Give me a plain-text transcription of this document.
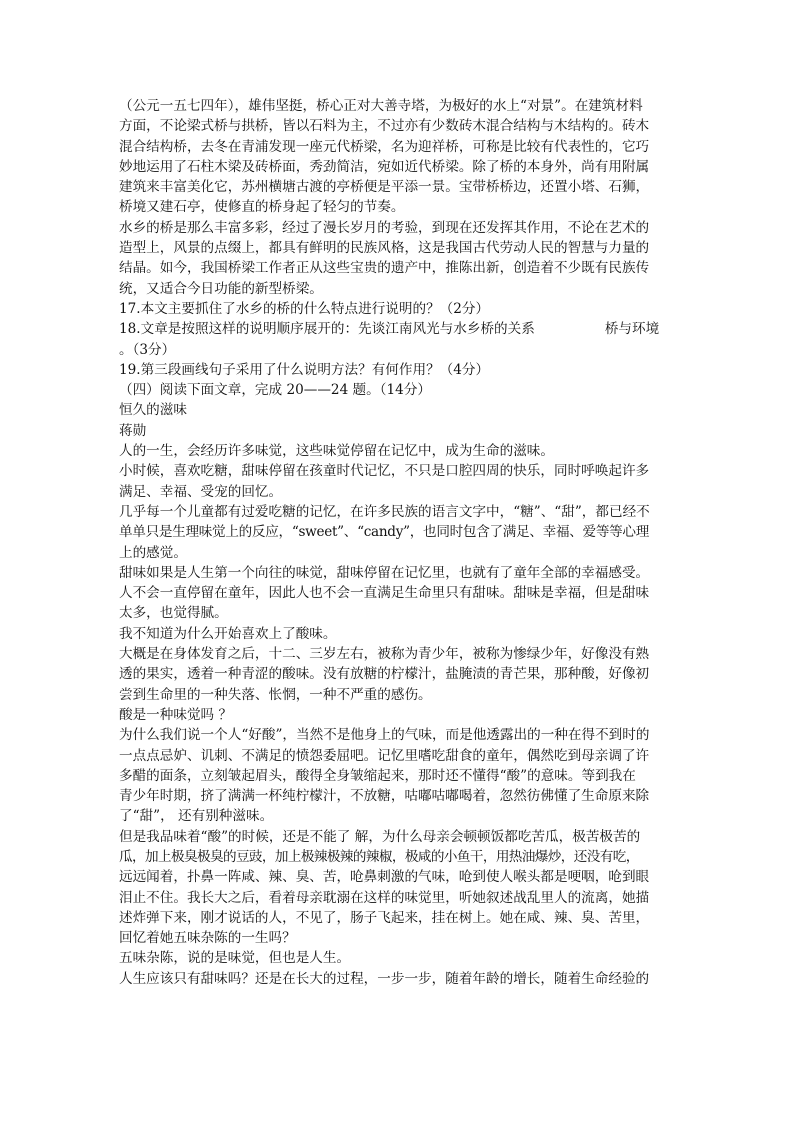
（公元一五七四年），雄伟坚挺，桥心正对大善寺塔，为极好的水上“对景”。在建筑材料

方面，不论梁式桥与拱桥，皆以石料为主，不过亦有少数砖木混合结构与木结构的。砖木

混合结构桥，去冬在青浦发现一座元代桥梁，名为迎祥桥，可称是比较有代表性的，它巧

妙地运用了石柱木梁及砖桥面，秀劲简洁，宛如近代桥梁。除了桥的本身外，尚有用附属

建筑来丰富美化它，苏州横塘古渡的亭桥便是平添一景。宝带桥桥边，还置小塔、石狮，

桥境又建石亭，使修直的桥身起了轻匀的节奏。

水乡的桥是那么丰富多彩，经过了漫长岁月的考验，到现在还发挥其作用，不论在艺术的

造型上，风景的点缀上，都具有鲜明的民族风格，这是我国古代劳动人民的智慧与力量的

结晶。如今，我国桥梁工作者正从这些宝贵的遗产中，推陈出新，创造着不少既有民族传

统，又适合今日功能的新型桥梁。

17.本文主要抓住了水乡的桥的什么特点进行说明的？（2分）

18.文章是按照这样的说明顺序展开的：先谈江南风光与水乡桥的关系	桥与环境

。（3分）

19.第三段画线句子采用了什么说明方法？有何作用？（4分）

（四）阅读下面文章，完成 20——24 题。（14分）

恒久的滋味

蒋勋

人的一生，会经历许多味觉，这些味觉停留在记忆中，成为生命的滋味。

小时候，喜欢吃糖，甜味停留在孩童时代记忆，不只是口腔四周的快乐，同时呼唤起许多

满足、幸福、受宠的回忆。

几乎每一个儿童都有过爱吃糖的记忆，在许多民族的语言文字中，“糖”、“甜”，都已经不

单单只是生理味觉上的反应，“sweet”、“candy”，也同时包含了满足、幸福、爱等等心理

上的感觉。

甜味如果是人生第一个向往的味觉，甜味停留在记忆里，也就有了童年全部的幸福感受。

人不会一直停留在童年，因此人也不会一直满足生命里只有甜味。甜味是幸福，但是甜味

太多，也觉得腻。

我不知道为什么开始喜欢上了酸味。

大概是在身体发育之后，十二、三岁左右，被称为青少年，被称为惨绿少年，好像没有熟

透的果实，透着一种青涩的酸味。没有放糖的柠檬汁，盐腌渍的青芒果，那种酸，好像初

尝到生命里的一种失落、怅惘，一种不严重的感伤。

酸是一种味觉吗 ？

为什么我们说一个人“好酸”，当然不是他身上的气味，而是他透露出的一种在得不到时的

一点点忌妒、讥刺、不满足的愤怨委屈吧。记忆里嗜吃甜食的童年，偶然吃到母亲调了许

多醋的面条，立刻皱起眉头，酸得全身皱缩起来，那时还不懂得“酸”的意味。等到我在

青少年时期，挤了满满一杯纯柠檬汁，不放糖，咕嘟咕嘟喝着，忽然彷佛懂了生命原来除

了“甜”， 还有别种滋味。

但是我品味着“酸”的时候，还是不能了 解，为什么母亲会顿顿饭都吃苦瓜，极苦极苦的

瓜，加上极臭极臭的豆豉，加上极辣极辣的辣椒，极咸的小鱼干，用热油爆炒，还没有吃，

远远闻着，扑鼻一阵咸、辣、臭、苦，呛鼻刺激的气味，呛到使人喉头都是哽咽，呛到眼

泪止不住。我长大之后，看着母亲耽溺在这样的味觉里，听她叙述战乱里人的流离，她描

述炸弹下来，刚才说话的人，不见了，肠子飞起来，挂在树上。她在咸、辣、臭、苦里，

回忆着她五味杂陈的一生吗？

五味杂陈，说的是味觉，但也是人生。

人生应该只有甜味吗？还是在长大的过程，一步一步，随着年龄的增长，随着生命经验的
